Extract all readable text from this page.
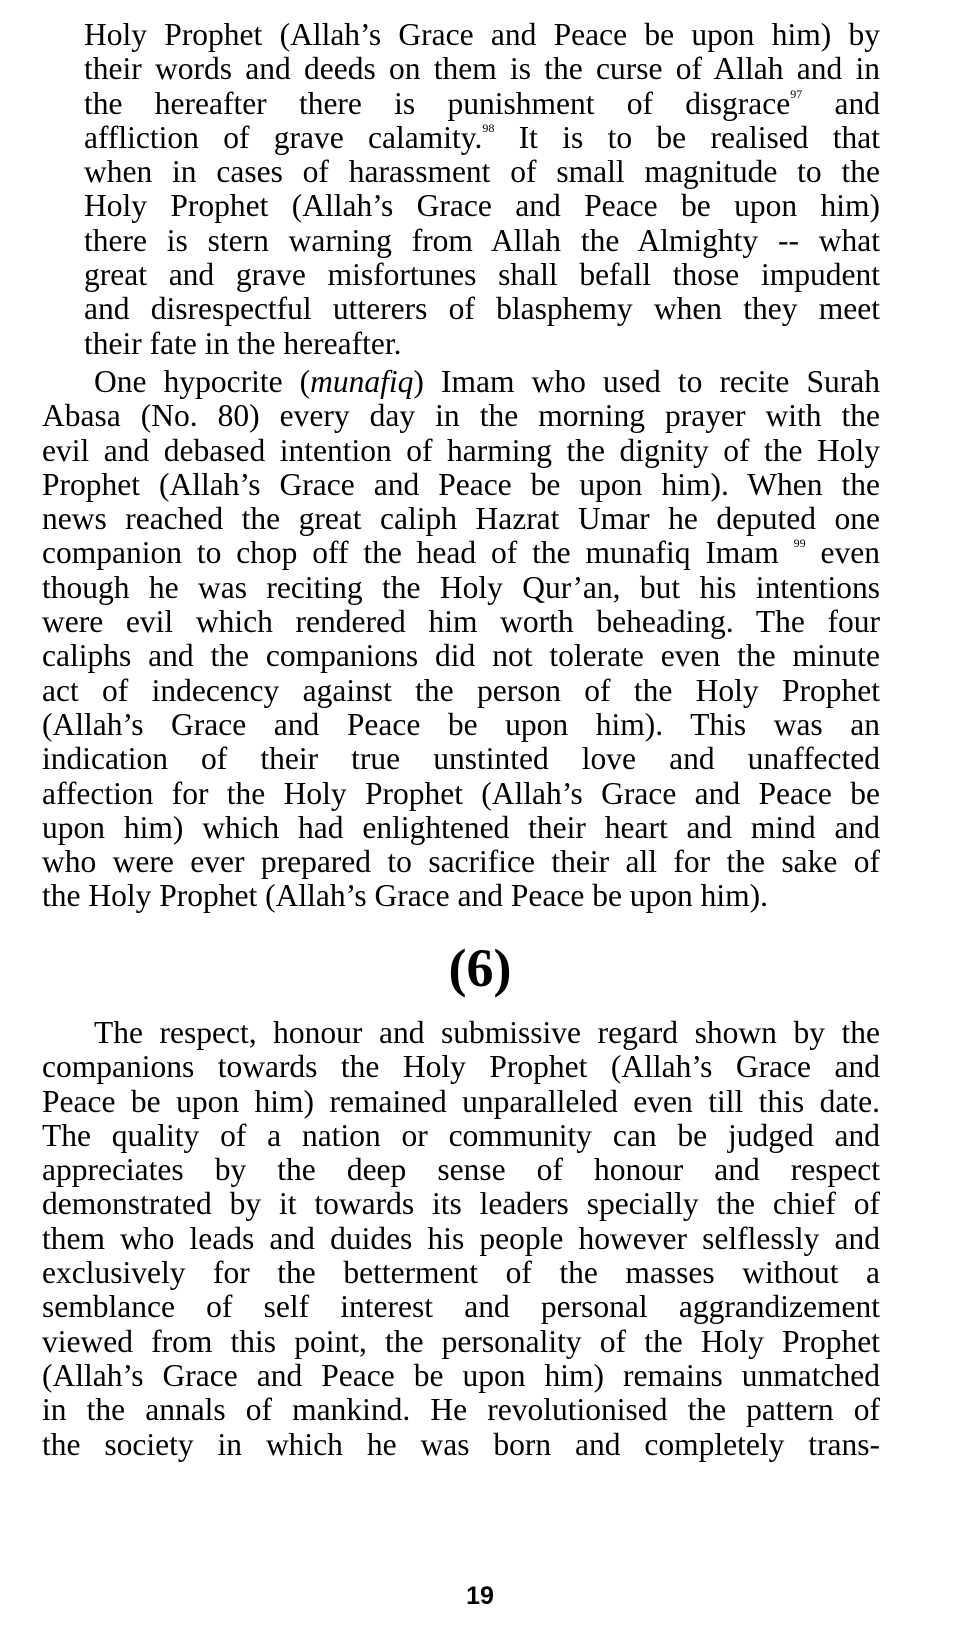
Holy Prophet (Allah’s Grace and Peace be upon him) by
their words and deeds on them is the curse of Allah and in
the hereafter there is punishment of disgrace$^{97}$ and
affliction of grave calamity.$^{98}$ It is to be realised that
when in cases of harassment of small magnitude to the
Holy Prophet (Allah’s Grace and Peace be upon him)
there is stern warning from Allah the Almighty -- what
great and grave misfortunes shall befall those impudent
and disrespectful utterers of blasphemy when they meet
their fate in the hereafter.
One hypocrite (munafiq) Imam who used to recite Surah
Abasa (No. 80) every day in the morning prayer with the
evil and debased intention of harming the dignity of the Holy
Prophet (Allah’s Grace and Peace be upon him). When the
news reached the great caliph Hazrat Umar he deputed one
companion to chop off the head of the munafiq Imam $^{99}$ even
though he was reciting the Holy Qur’an, but his intentions
were evil which rendered him worth beheading. The four
caliphs and the companions did not tolerate even the minute
act of indecency against the person of the Holy Prophet
(Allah’s Grace and Peace be upon him). This was an
indication of their true unstinted love and unaffected
affection for the Holy Prophet (Allah’s Grace and Peace be
upon him) which had enlightened their heart and mind and
who were ever prepared to sacrifice their all for the sake of
the Holy Prophet (Allah’s Grace and Peace be upon him).
(6)
The respect, honour and submissive regard shown by the
companions towards the Holy Prophet (Allah’s Grace and
Peace be upon him) remained unparalleled even till this date.
The quality of a nation or community can be judged and
appreciates by the deep sense of honour and respect
demonstrated by it towards its leaders specially the chief of
them who leads and duides his people however selflessly and
exclusively for the betterment of the masses without a
semblance of self interest and personal aggrandizement
viewed from this point, the personality of the Holy Prophet
(Allah’s Grace and Peace be upon him) remains unmatched
in the annals of mankind. He revolutionised the pattern of
the society in which he was born and completely trans-
19
